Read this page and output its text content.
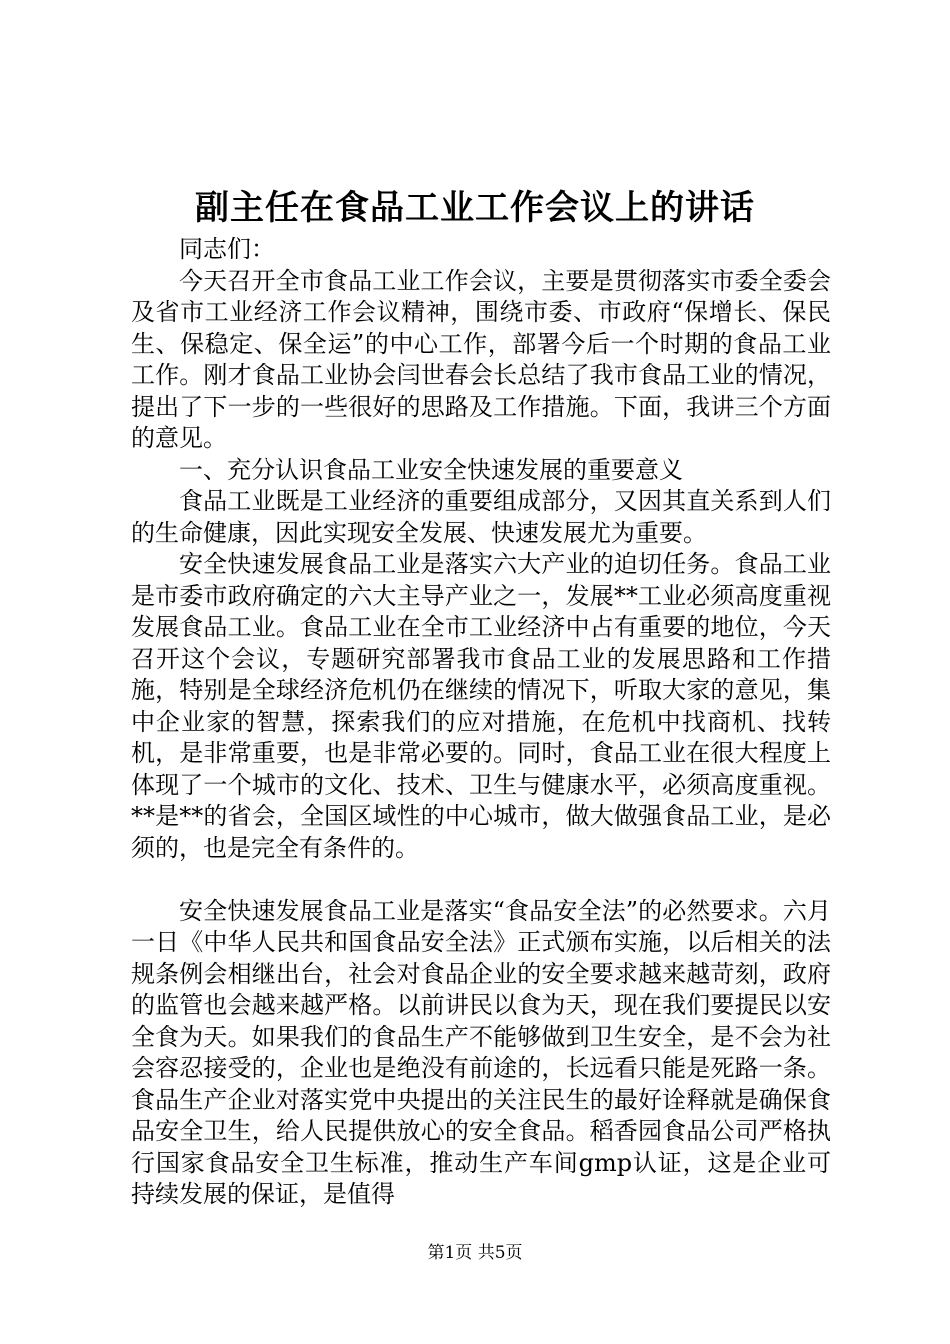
副主任在食品工业工作会议上的讲话

同志们：

今天召开全市食品工业工作会议，主要是贯彻落实市委全委会及省市工业经济工作会议精神，围绕市委、市政府“保增长、保民生、保稳定、保全运”的中心工作，部署今后一个时期的食品工业工作。刚才食品工业协会闫世春会长总结了我市食品工业的情况，提出了下一步的一些很好的思路及工作措施。下面，我讲三个方面的意见。

一、充分认识食品工业安全快速发展的重要意义

食品工业既是工业经济的重要组成部分，又因其直关系到人们的生命健康，因此实现安全发展、快速发展尤为重要。

安全快速发展食品工业是落实六大产业的迫切任务。食品工业是市委市政府确定的六大主导产业之一，发展**工业必须高度重视发展食品工业。食品工业在全市工业经济中占有重要的地位，今天召开这个会议，专题研究部署我市食品工业的发展思路和工作措施，特别是全球经济危机仍在继续的情况下，听取大家的意见，集中企业家的智慧，探索我们的应对措施，在危机中找商机、找转机，是非常重要，也是非常必要的。同时，食品工业在很大程度上体现了一个城市的文化、技术、卫生与健康水平，必须高度重视。**是**的省会，全国区域性的中心城市，做大做强食品工业，是必须的，也是完全有条件的。

安全快速发展食品工业是落实“食品安全法”的必然要求。六月一日《中华人民共和国食品安全法》正式颁布实施，以后相关的法规条例会相继出台，社会对食品企业的安全要求越来越苛刻，政府的监管也会越来越严格。以前讲民以食为天，现在我们要提民以安全食为天。如果我们的食品生产不能够做到卫生安全，是不会为社会容忍接受的，企业也是绝没有前途的，长远看只能是死路一条。食品生产企业对落实党中央提出的关注民生的最好诠释就是确保食品安全卫生，给人民提供放心的安全食品。稻香园食品公司严格执行国家食品安全卫生标准，推动生产车间gmp认证，这是企业可持续发展的保证，是值得

第1页 共5页
